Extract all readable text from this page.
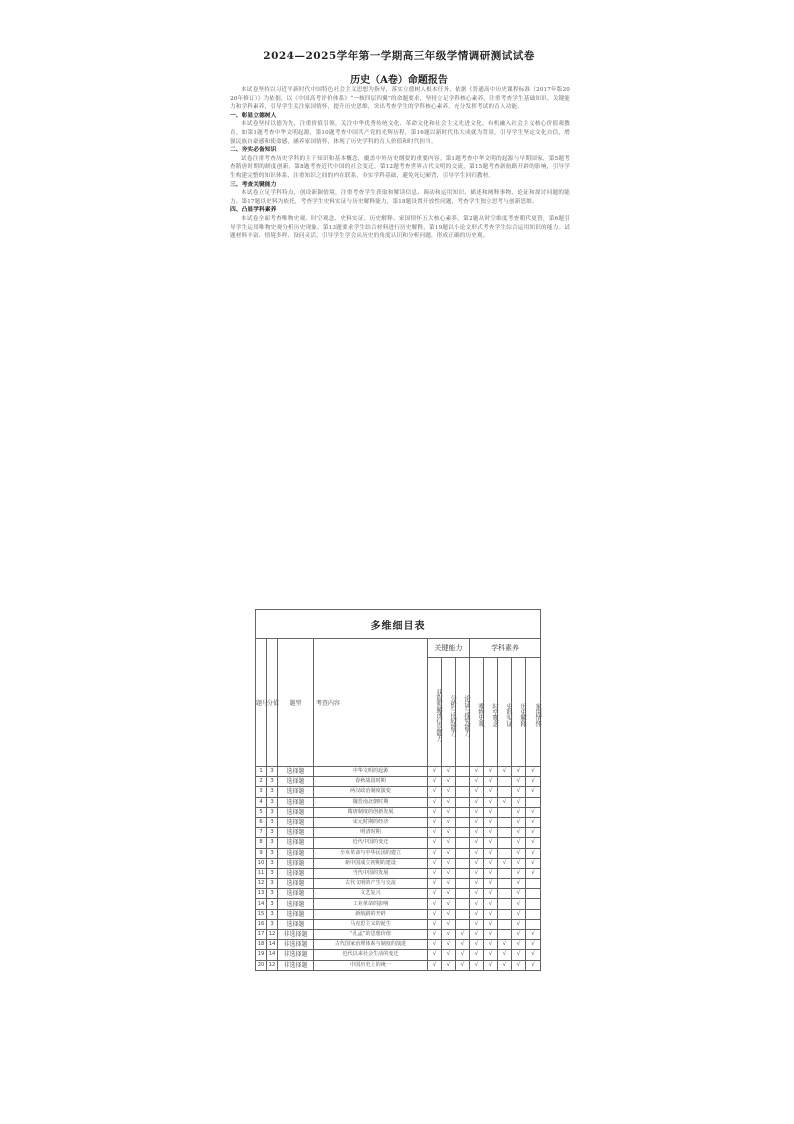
2024—2025学年第一学期高三年级学情调研测试试卷
历史（A卷）命题报告

本试卷坚持以习近平新时代中国特色社会主义思想为指导，落实立德树人根本任务，依据《普通高中历史课程标准（2017年版2020年修订）》为依据，以《中国高考评价体系》“一核四层四翼”的命题要求，坚持立足学科核心素养，注重考查学生基础知识、关键能力和学科素养，引导学生关注家国情怀，提升历史思维，突出考查学生的学科核心素养，充分发挥考试的育人功能。

一、彰显立德树人

本试卷坚持以德为先，注重价值引领，关注中华优秀传统文化、革命文化和社会主义先进文化，有机融入社会主义核心价值观教育。如第1题考查中华文明起源，第10题考查中国共产党的光辉历程，第16题以新时代伟大成就为背景，引导学生坚定文化自信，增强民族自豪感和使命感，涵养家国情怀，体现了历史学科的育人价值和时代担当。

二、夯实必备知识

试卷注重考查历史学科的主干知识和基本概念，覆盖中外历史纲要的重要内容。第1题考查中华文明的起源与早期国家，第5题考查隋唐时期的制度创新，第8题考查近代中国的社会变迁，第12题考查世界古代文明的交流，第15题考查新航路开辟的影响，引导学生构建完整的知识体系，注重知识之间的内在联系，夯实学科基础，避免死记硬背，引导学生回归教材。

三、考查关键能力

本试卷立足学科特点，创设新颖情境，注重考查学生获取和解读信息、调动和运用知识、描述和阐释事物、论证和探讨问题的能力。第17题以史料为依托，考查学生史料实证与历史解释能力，第18题设置开放性问题，考查学生独立思考与创新思维。

四、凸显学科素养

本试卷全面考查唯物史观、时空观念、史料实证、历史解释、家国情怀五大核心素养。第2题从时空维度考查朝代更替，第6题引导学生运用唯物史观分析历史现象，第13题要求学生结合材料进行历史解释，第19题以小论文形式考查学生综合运用知识的能力。试题材料丰富、情境多样、设问灵活，引导学生学会从历史的角度认识和分析问题，形成正确的历史观。

多维细目表											
题号	分值	题型	考查内容	关键能力			学科素养				
				获取和解读信息能力	分析与比较能力	论证与探究能力	唯物史观	时空观念	史料实证	历史解释	家国情怀
1	3	选择题	中华文明的起源	√	√		√	√	√	√	√
2	3	选择题	春秋战国时期	√	√		√	√		√	√
3	3	选择题	两汉政治制度演变	√	√		√	√		√	√
4	3	选择题	魏晋南北朝时期	√	√		√	√	√	√	
5	3	选择题	隋唐制度的创新发展	√	√		√	√		√	√
6	3	选择题	宋元时期的经济	√	√		√	√		√	√
7	3	选择题	明清时期	√	√		√	√		√	√
8	3	选择题	近代中国的变迁	√	√		√	√		√	√
9	3	选择题	辛亥革命与中华民国的建立	√	√		√	√		√	√
10	3	选择题	新中国成立初期的建设	√	√		√	√	√	√	√
11	3	选择题	当代中国的发展	√	√		√	√		√	√
12	3	选择题	古代文明的产生与交流	√	√		√	√		√	
13	3	选择题	文艺复兴	√	√		√	√		√	
14	3	选择题	工业革命的影响	√	√		√	√		√	
15	3	选择题	新航路的开辟	√	√		√	√		√	
16	3	选择题	马克思主义的诞生	√	√		√	√		√	
17	12	非选择题	“孔孟”的思想价值	√	√	√	√	√		√	√
18	14	非选择题	古代国家治理体系与制度的演进	√	√	√	√	√	√	√	√
19	14	非选择题	近代以来社会生活的变迁	√	√	√	√	√	√	√	√
20	12	非选择题	中国历史上的统一	√	√	√	√	√	√	√	√
